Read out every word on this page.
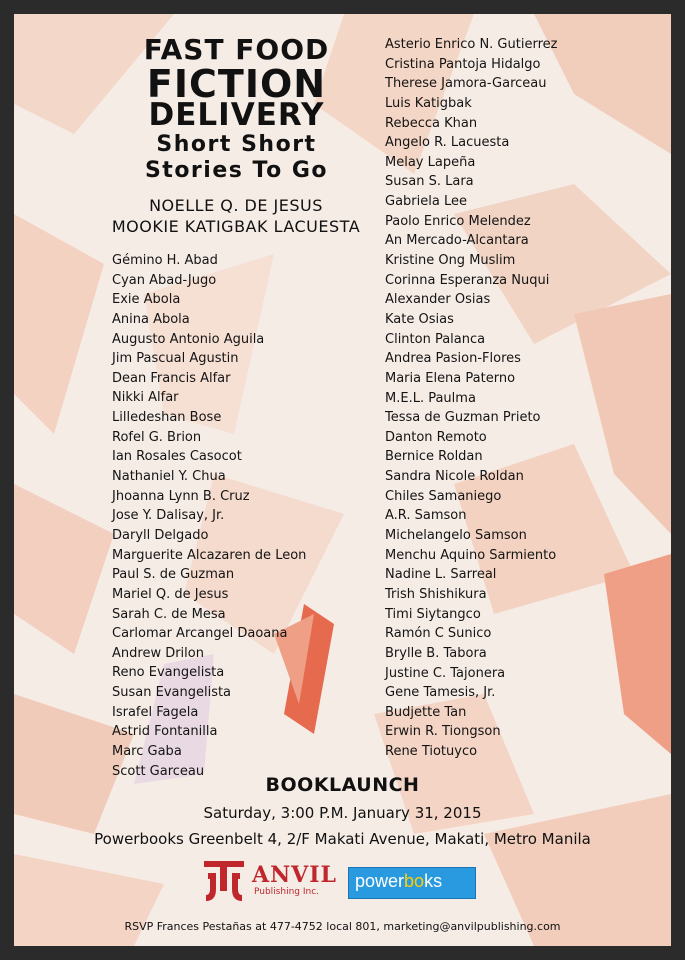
FAST FOOD
FICTION
DELIVERY
Short Short
Stories To Go
NOELLE Q. DE JESUS
MOOKIE KATIGBAK LACUESTA
Gémino H. Abad
Cyan Abad-Jugo
Exie Abola
Anina Abola
Augusto Antonio Aguila
Jim Pascual Agustin
Dean Francis Alfar
Nikki Alfar
Lilledeshan Bose
Rofel G. Brion
Ian Rosales Casocot
Nathaniel Y. Chua
Jhoanna Lynn B. Cruz
Jose Y. Dalisay, Jr.
Daryll Delgado
Marguerite Alcazaren de Leon
Paul S. de Guzman
Mariel Q. de Jesus
Sarah C. de Mesa
Carlomar Arcangel Daoana
Andrew Drilon
Reno Evangelista
Susan Evangelista
Israfel Fagela
Astrid Fontanilla
Marc Gaba
Scott Garceau
Asterio Enrico N. Gutierrez
Cristina Pantoja Hidalgo
Therese Jamora-Garceau
Luis Katigbak
Rebecca Khan
Angelo R. Lacuesta
Melay Lapeña
Susan S. Lara
Gabriela Lee
Paolo Enrico Melendez
An Mercado-Alcantara
Kristine Ong Muslim
Corinna Esperanza Nuqui
Alexander Osias
Kate Osias
Clinton Palanca
Andrea Pasion-Flores
Maria Elena Paterno
M.E.L. Paulma
Tessa de Guzman Prieto
Danton Remoto
Bernice Roldan
Sandra Nicole Roldan
Chiles Samaniego
A.R. Samson
Michelangelo Samson
Menchu Aquino Sarmiento
Nadine L. Sarreal
Trish Shishikura
Timi Siytangco
Ramón C Sunico
Brylle B. Tabora
Justine C. Tajonera
Gene Tamesis, Jr.
Budjette Tan
Erwin R. Tiongson
Rene Tiotuyco
BOOKLAUNCH
Saturday, 3:00 P.M. January 31, 2015
Powerbooks Greenbelt 4, 2/F Makati Avenue, Makati, Metro Manila
ANVIL
Publishing Inc.
powerboks
RSVP Frances Pestañas at 477-4752 local 801, marketing@anvilpublishing.com
